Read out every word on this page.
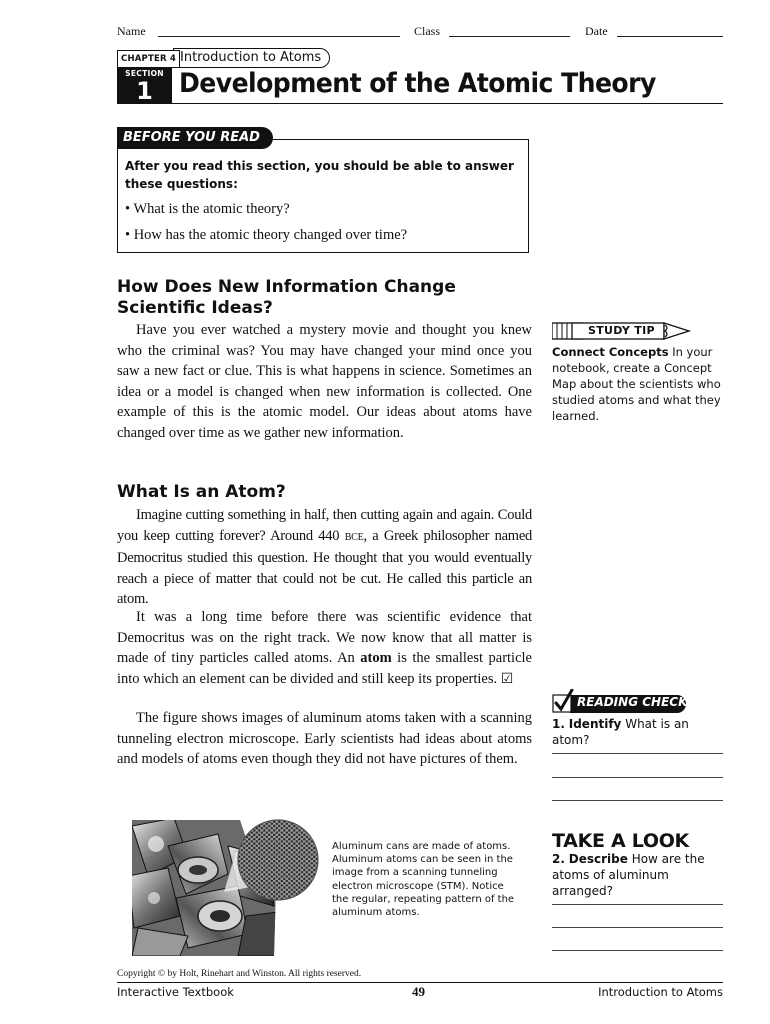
Name	Class	Date
Introduction to Atoms
CHAPTER 4
SECTION
1 Development of the Atomic Theory
BEFORE YOU READ
After you read this section, you should be able to answer these questions:
• What is the atomic theory?
• How has the atomic theory changed over time?
How Does New Information Change
Scientific Ideas?

Have you ever watched a mystery movie and thought you knew who the criminal was? You may have changed your mind once you saw a new fact or clue. This is what happens in science. Sometimes an idea or a model is changed when new information is collected. One example of this is the atomic model. Our ideas about atoms have changed over time as we gather new information.

What Is an Atom?

Imagine cutting something in half, then cutting again and again. Could you keep cutting forever? Around 440 BCE, a Greek philosopher named Democritus studied this question. He thought that you would eventually reach a piece of matter that could not be cut. He called this particle an atom.

It was a long time before there was scientific evidence that Democritus was on the right track. We now know that all matter is made of tiny particles called atoms. An atom is the smallest particle into which an element can be divided and still keep its properties. ☑

The figure shows images of aluminum atoms taken with a scanning tunneling electron microscope. Early scientists had ideas about atoms and models of atoms even though they did not have pictures of them.

STUDY TIP
Connect Concepts In your notebook, create a Concept Map about the scientists who studied atoms and what they learned.
READING CHECK
1. Identify What is an atom?
TAKE A LOOK
2. Describe How are the atoms of aluminum arranged?
Aluminum cans are made of atoms. Aluminum atoms can be seen in the image from a scanning tunneling electron microscope (STM). Notice the regular, repeating pattern of the aluminum atoms.
Copyright © by Holt, Rinehart and Winston. All rights reserved.
Interactive Textbook	49	Introduction to Atoms
